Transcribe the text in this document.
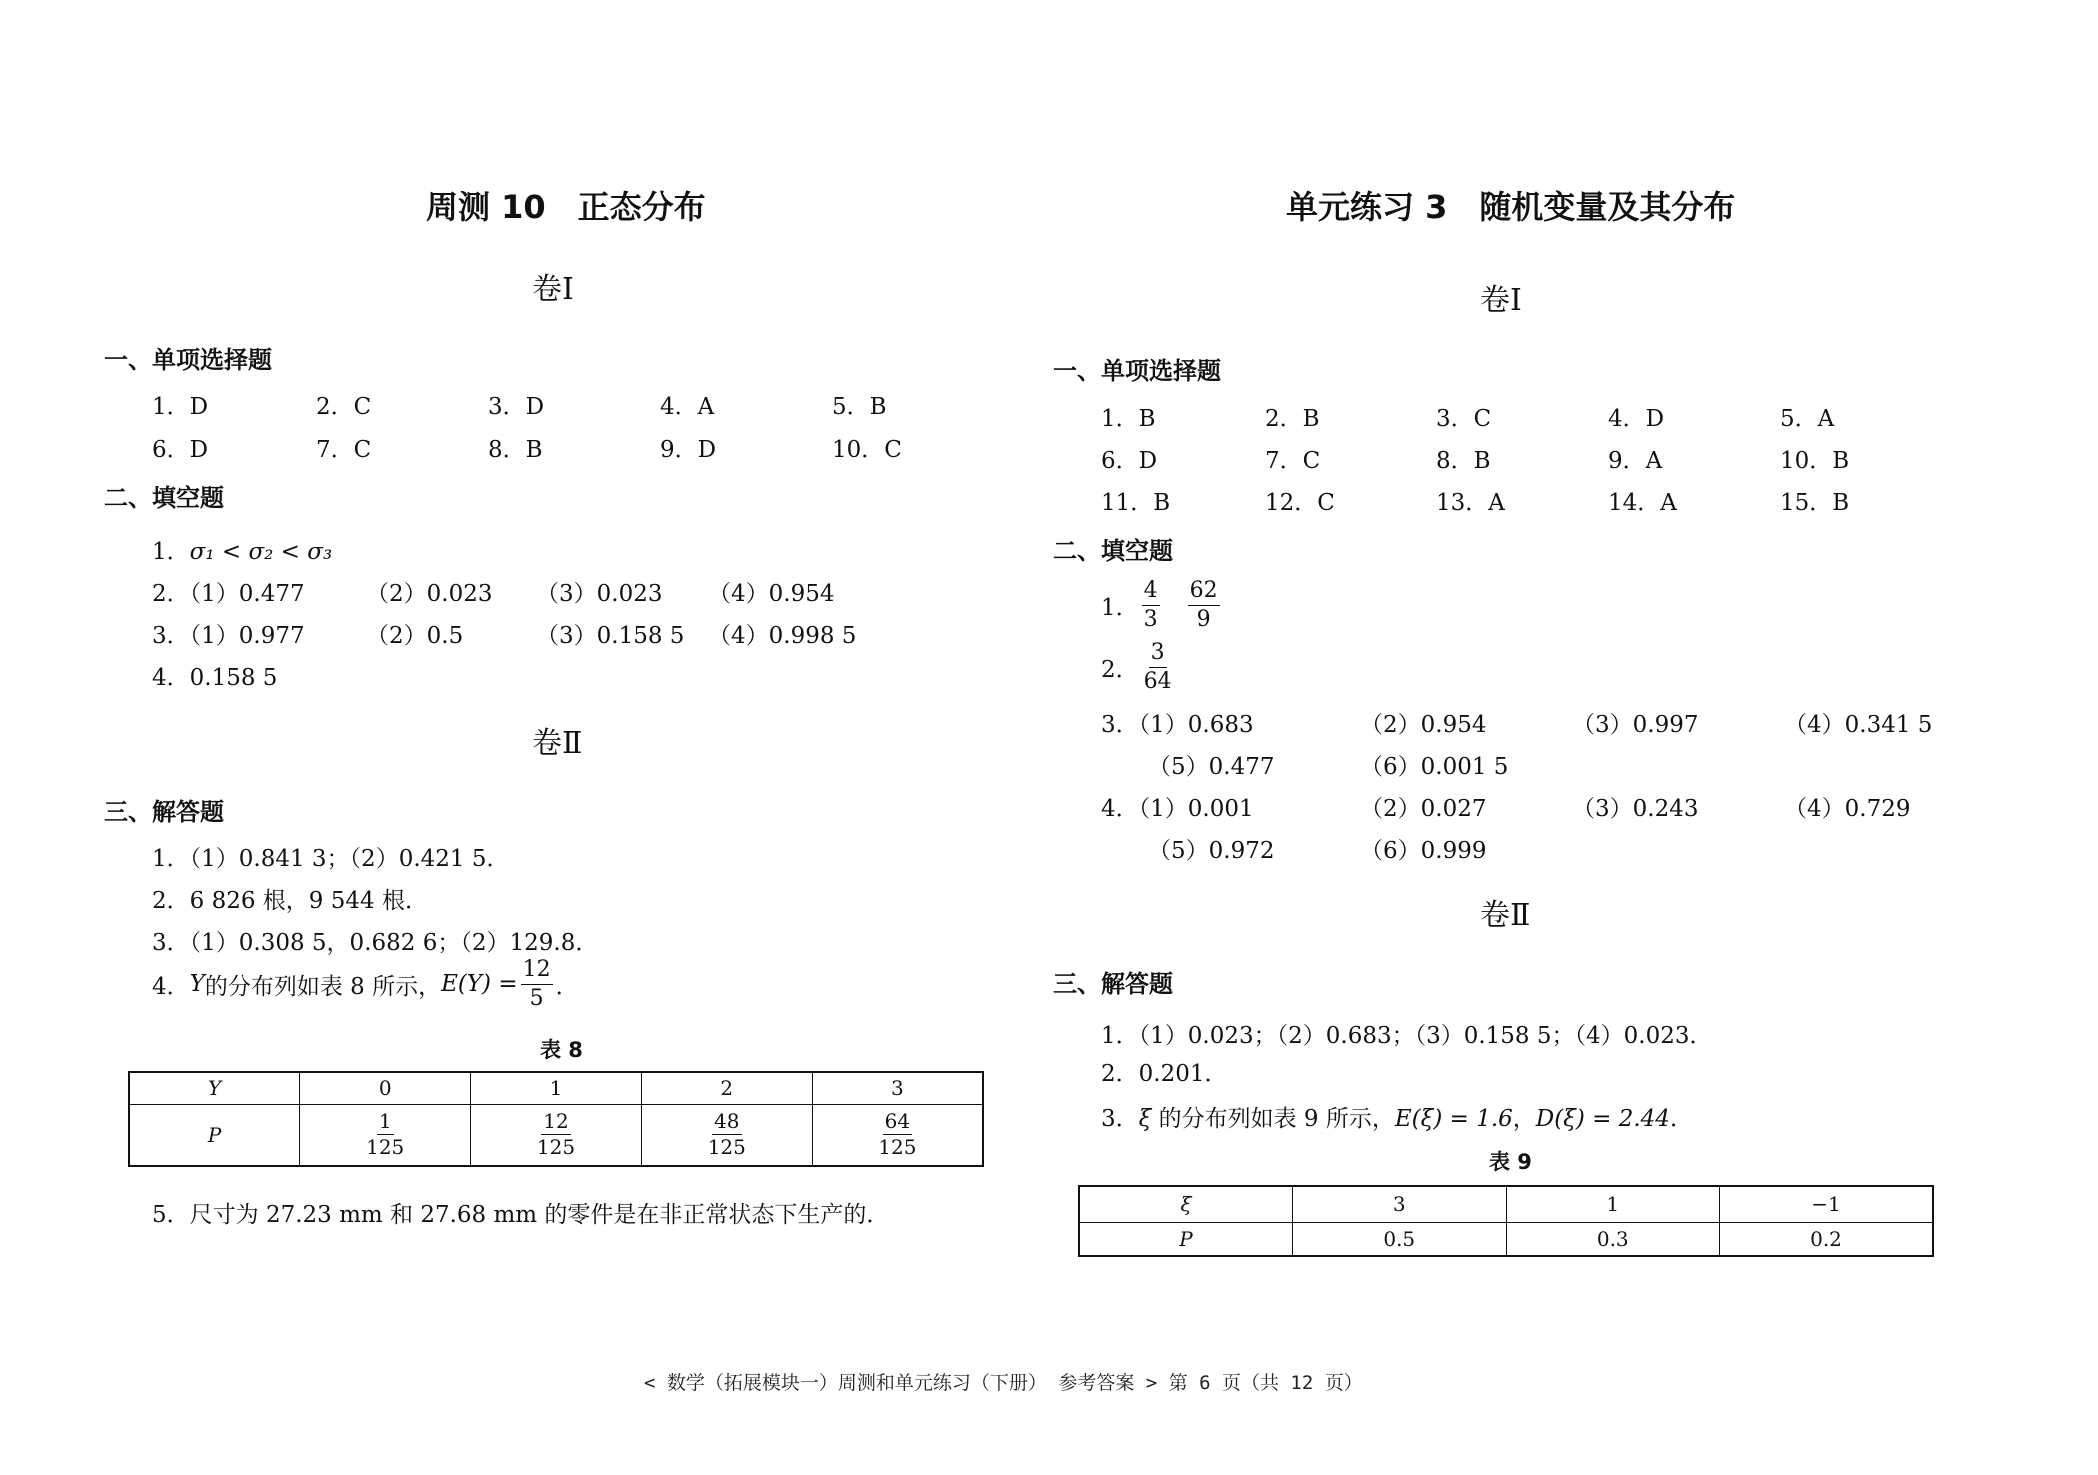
周测 10　正态分布
卷Ⅰ
一、单项选择题
1．D	2．C	3．D	4．A	5．B
6．D	7．C	8．B	9．D	10．C
二、填空题
1．σ₁ < σ₂ < σ₃
2．（1）0.477	（2）0.023 （3）0.023 （4）0.954
3．（1）0.977	（2）0.5	（3）0.158 5 （4）0.998 5
4．0.158 5
卷Ⅱ
三、解答题
1．（1）0.841 3；（2）0.421 5．
2．6 826 根，9 544 根．
3．（1）0.308 5，0.682 6；（2）129.8．
4． Y 的分布列如表 8 所示， $E(Y) = \frac{12}{5}$ ．
表 8
Y	0	1	2	3
P	$\frac{1}{125}$	$\frac{12}{125}$	$\frac{48}{125}$	$\frac{64}{125}$
5．尺寸为 27.23 mm 和 27.68 mm 的零件是在非正常状态下生产的．
单元练习 3　随机变量及其分布
卷Ⅰ
一、单项选择题
1．B	2．B	3．C	4．D	5．A
6．D	7．C	8．B	9．A	10．B
11．B	12．C	13．A	14．A	15．B
二、填空题
1． $\frac{4}{3} \frac{62}{9}$
2． $\frac{3}{64}$
3．（1）0.683	（2）0.954	（3）0.997	（4）0.341 5
（5）0.477	（6）0.001 5
4．（1）0.001	（2）0.027	（3）0.243	（4）0.729
（5）0.972	（6）0.999
卷Ⅱ
三、解答题
1．（1）0.023；（2）0.683；（3）0.158 5；（4）0.023．
2．0.201．
3．ξ 的分布列如表 9 所示，E(ξ) = 1.6，D(ξ) = 2.44．
表 9
ξ	3	1	−1
P	0.5	0.3	0.2
< 数学（拓展模块一）周测和单元练习（下册） 参考答案 > 第 6 页（共 12 页）
